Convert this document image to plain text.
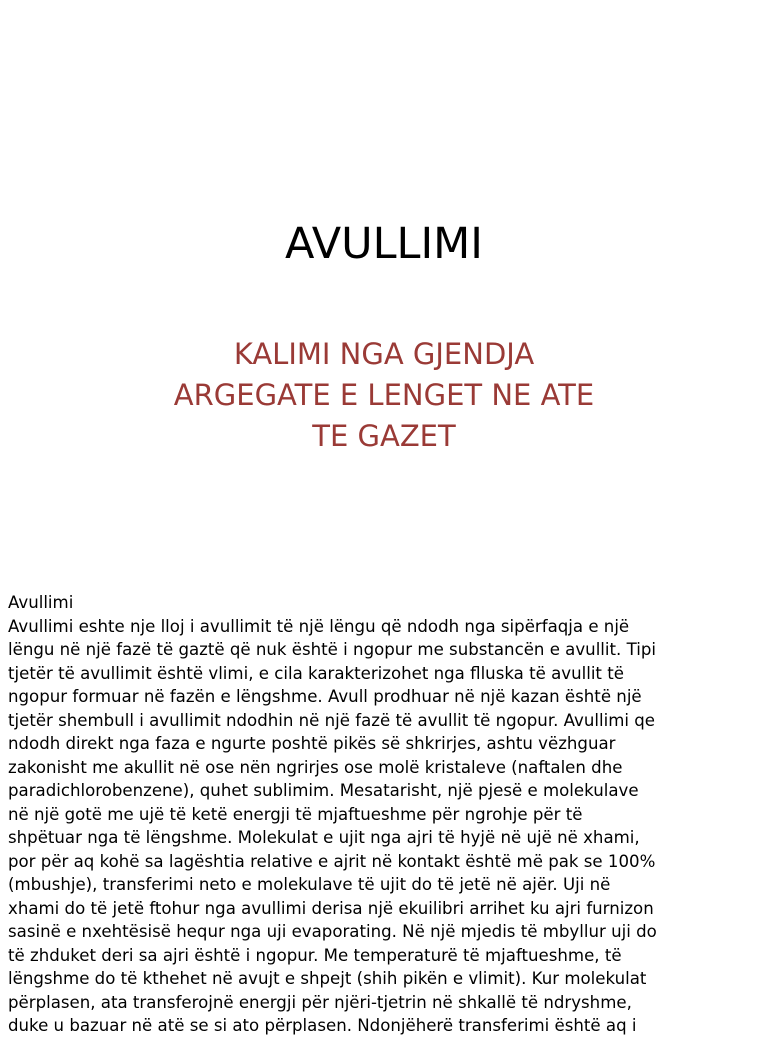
AVULLIMI
KALIMI NGA GJENDJA
ARGEGATE E LENGET NE ATE
TE GAZET
Avullimi
Avullimi eshte nje lloj i avullimit të një lëngu që ndodh nga sipërfaqja e një
lëngu në një fazë të gaztë që nuk është i ngopur me substancën e avullit. Tipi
tjetër të avullimit është vlimi, e cila karakterizohet nga flluska të avullit të
ngopur formuar në fazën e lëngshme. Avull prodhuar në një kazan është një
tjetër shembull i avullimit ndodhin në një fazë të avullit të ngopur. Avullimi qe
ndodh direkt nga faza e ngurte poshtë pikës së shkrirjes, ashtu vëzhguar
zakonisht me akullit në ose nën ngrirjes ose molë kristaleve (naftalen dhe
paradichlorobenzene), quhet sublimim. Mesatarisht, një pjesë e molekulave
në një gotë me ujë të ketë energji të mjaftueshme për ngrohje për të
shpëtuar nga të lëngshme. Molekulat e ujit nga ajri të hyjë në ujë në xhami,
por për aq kohë sa lagështia relative e ajrit në kontakt është më pak se 100%
(mbushje), transferimi neto e molekulave të ujit do të jetë në ajër. Uji në
xhami do të jetë ftohur nga avullimi derisa një ekuilibri arrihet ku ajri furnizon
sasinë e nxehtësisë hequr nga uji evaporating. Në një mjedis të mbyllur uji do
të zhduket deri sa ajri është i ngopur. Me temperaturë të mjaftueshme, të
lëngshme do të kthehet në avujt e shpejt (shih pikën e vlimit). Kur molekulat
përplasen, ata transferojnë energji për njëri-tjetrin në shkallë të ndryshme,
duke u bazuar në atë se si ato përplasen. Ndonjëherë transferimi është aq i
